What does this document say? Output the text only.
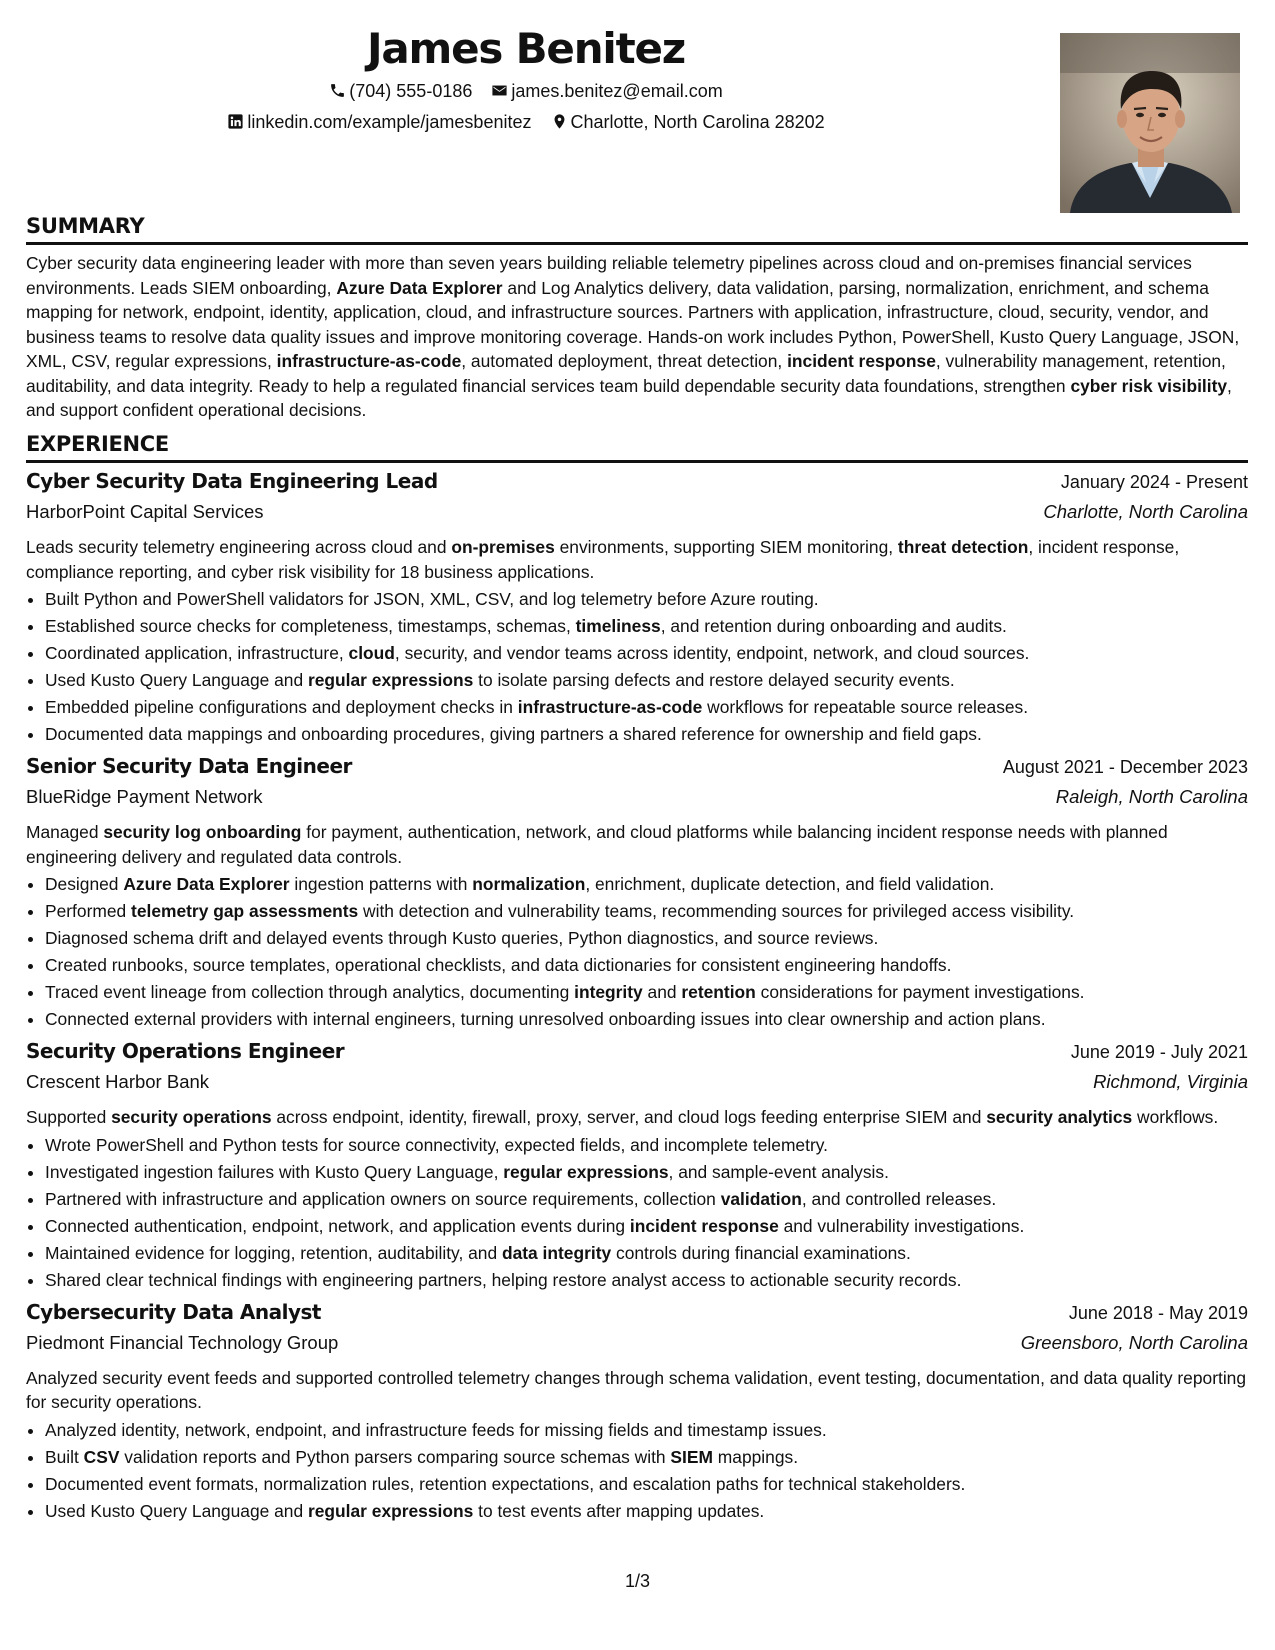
James Benitez
(704) 555-0186 james.benitez@email.com
linkedin.com/example/jamesbenitez Charlotte, North Carolina 28202
SUMMARY

Cyber security data engineering leader with more than seven years building reliable telemetry pipelines across cloud and on-premises financial services environments. Leads SIEM onboarding, Azure Data Explorer and Log Analytics delivery, data validation, parsing, normalization, enrichment, and schema mapping for network, endpoint, identity, application, cloud, and infrastructure sources. Partners with application, infrastructure, cloud, security, vendor, and business teams to resolve data quality issues and improve monitoring coverage. Hands-on work includes Python, PowerShell, Kusto Query Language, JSON, XML, CSV, regular expressions, infrastructure-as-code, automated deployment, threat detection, incident response, vulnerability management, retention, auditability, and data integrity. Ready to help a regulated financial services team build dependable security data foundations, strengthen cyber risk visibility, and support confident operational decisions.

EXPERIENCE
Cyber Security Data Engineering Lead	January 2024 - Present
HarborPoint Capital Services	Charlotte, North Carolina

Leads security telemetry engineering across cloud and on-premises environments, supporting SIEM monitoring, threat detection, incident response, compliance reporting, and cyber risk visibility for 18 business applications.

• Built Python and PowerShell validators for JSON, XML, CSV, and log telemetry before Azure routing.
• Established source checks for completeness, timestamps, schemas, timeliness, and retention during onboarding and audits.
• Coordinated application, infrastructure, cloud, security, and vendor teams across identity, endpoint, network, and cloud sources.
• Used Kusto Query Language and regular expressions to isolate parsing defects and restore delayed security events.
• Embedded pipeline configurations and deployment checks in infrastructure-as-code workflows for repeatable source releases.
• Documented data mappings and onboarding procedures, giving partners a shared reference for ownership and field gaps.
Senior Security Data Engineer	August 2021 - December 2023
BlueRidge Payment Network	Raleigh, North Carolina

Managed security log onboarding for payment, authentication, network, and cloud platforms while balancing incident response needs with planned engineering delivery and regulated data controls.

• Designed Azure Data Explorer ingestion patterns with normalization, enrichment, duplicate detection, and field validation.
• Performed telemetry gap assessments with detection and vulnerability teams, recommending sources for privileged access visibility.
• Diagnosed schema drift and delayed events through Kusto queries, Python diagnostics, and source reviews.
• Created runbooks, source templates, operational checklists, and data dictionaries for consistent engineering handoffs.
• Traced event lineage from collection through analytics, documenting integrity and retention considerations for payment investigations.
• Connected external providers with internal engineers, turning unresolved onboarding issues into clear ownership and action plans.
Security Operations Engineer	June 2019 - July 2021
Crescent Harbor Bank	Richmond, Virginia

Supported security operations across endpoint, identity, firewall, proxy, server, and cloud logs feeding enterprise SIEM and security analytics workflows.

• Wrote PowerShell and Python tests for source connectivity, expected fields, and incomplete telemetry.
• Investigated ingestion failures with Kusto Query Language, regular expressions, and sample-event analysis.
• Partnered with infrastructure and application owners on source requirements, collection validation, and controlled releases.
• Connected authentication, endpoint, network, and application events during incident response and vulnerability investigations.
• Maintained evidence for logging, retention, auditability, and data integrity controls during financial examinations.
• Shared clear technical findings with engineering partners, helping restore analyst access to actionable security records.
Cybersecurity Data Analyst	June 2018 - May 2019
Piedmont Financial Technology Group	Greensboro, North Carolina

Analyzed security event feeds and supported controlled telemetry changes through schema validation, event testing, documentation, and data quality reporting for security operations.

• Analyzed identity, network, endpoint, and infrastructure feeds for missing fields and timestamp issues.
• Built CSV validation reports and Python parsers comparing source schemas with SIEM mappings.
• Documented event formats, normalization rules, retention expectations, and escalation paths for technical stakeholders.
• Used Kusto Query Language and regular expressions to test events after mapping updates.
1/3
